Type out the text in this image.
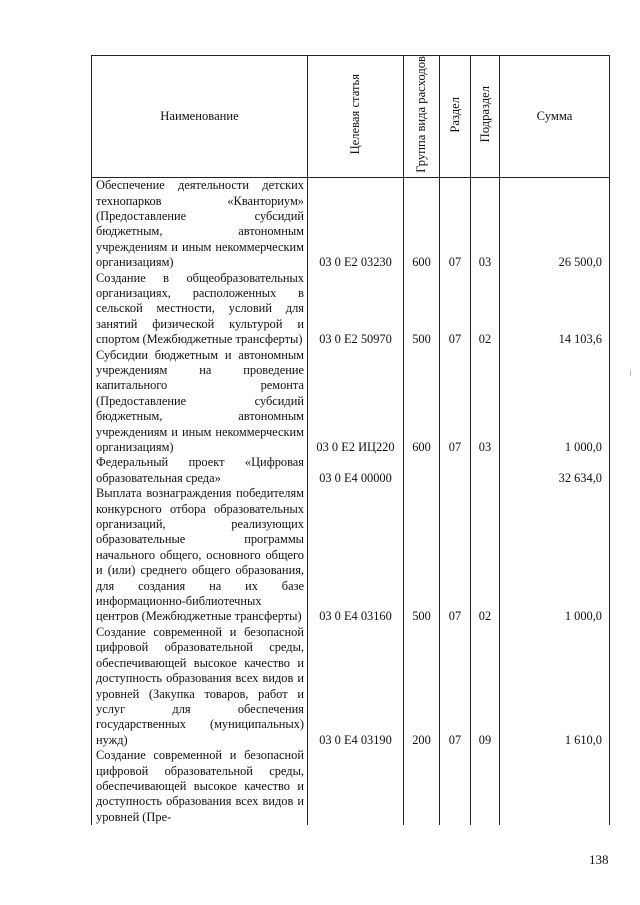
Наименование	Целевая статья	Группа вида расходов	Раздел	Подраздел	Сумма
Обеспечение деятельности детских технопарков «Кванториум» (Предоставление субсидий бюджетным, автономным учреждениям и иным некоммерческим организациям)	03 0 E2 03230	600	07	03	26 500,0
Создание в общеобразовательных организациях, расположенных в сельской местности, условий для занятий физической культурой и спортом (Межбюджетные трансферты)	03 0 E2 50970	500	07	02	14 103,6
Субсидии бюджетным и автономным учреждениям на проведение капитального ремонта (Предоставление субсидий бюджетным, автономным учреждениям и иным некоммерческим организациям)	03 0 E2 ИЦ220	600	07	03	1 000,0
Федеральный проект «Цифровая образовательная среда»	03 0 E4 00000				32 634,0
Выплата вознаграждения победителям конкурсного отбора образовательных организаций, реализующих образовательные программы начального общего, основного общего и (или) среднего общего образования, для создания на их базе информационно-библиотечных центров (Межбюджетные трансферты)	03 0 E4 03160	500	07	02	1 000,0
Создание современной и безопасной цифровой образовательной среды, обеспечивающей высокое качество и доступность образования всех видов и уровней (Закупка товаров, работ и услуг для обеспечения государственных (муниципальных) нужд)	03 0 E4 03190	200	07	09	1 610,0
Создание современной и безопасной цифровой образовательной среды, обеспечивающей высокое качество и доступность образования всех видов и уровней (Пре-					
138
